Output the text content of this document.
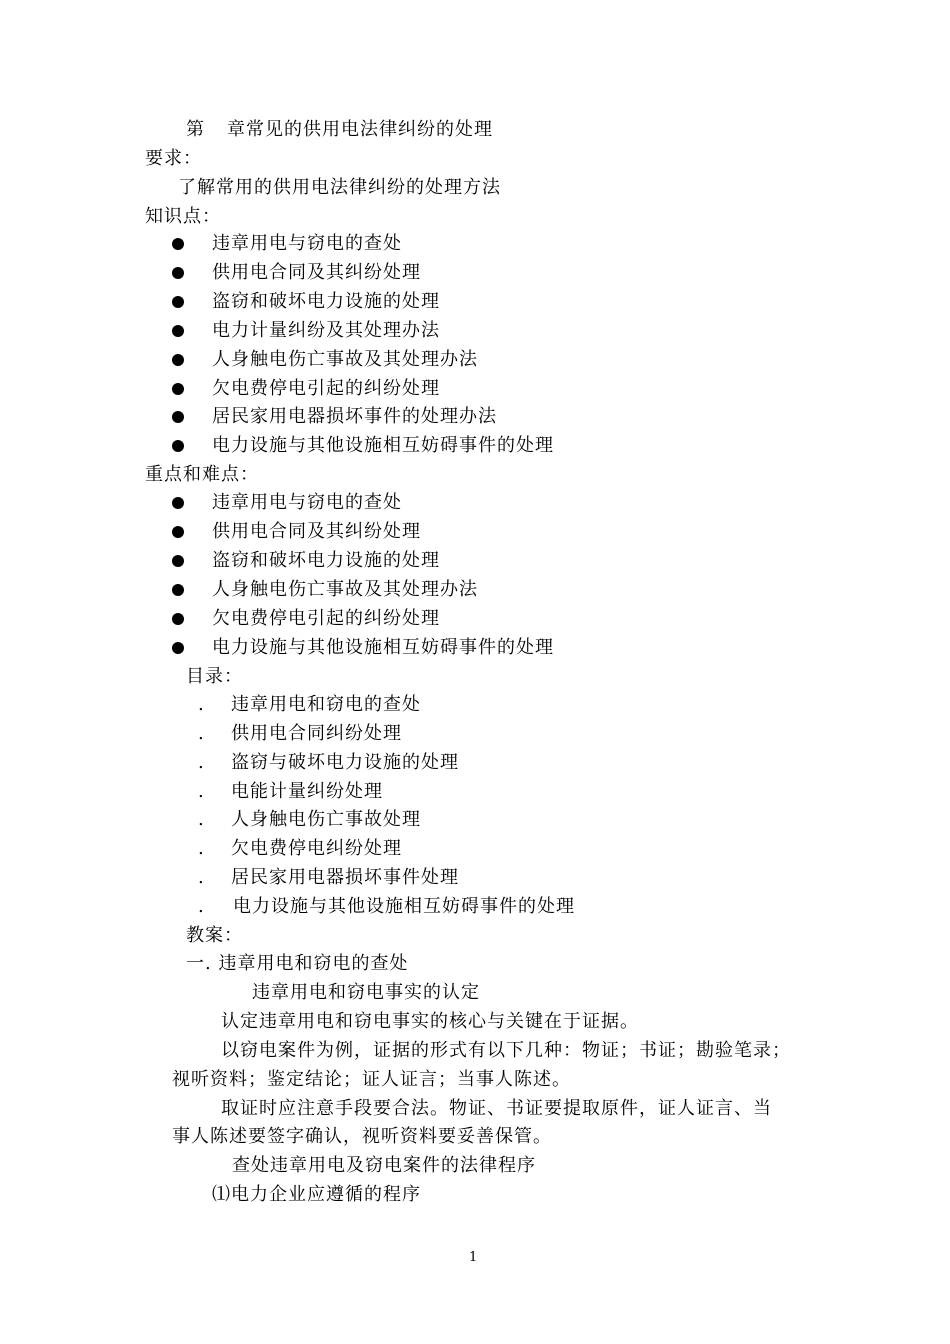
第 章常见的供用电法律纠纷的处理
要求：
了解常用的供用电法律纠纷的处理方法
知识点：
违章用电与窃电的查处
供用电合同及其纠纷处理
盗窃和破坏电力设施的处理
电力计量纠纷及其处理办法
人身触电伤亡事故及其处理办法
欠电费停电引起的纠纷处理
居民家用电器损坏事件的处理办法
电力设施与其他设施相互妨碍事件的处理
重点和难点：
违章用电与窃电的查处
供用电合同及其纠纷处理
盗窃和破坏电力设施的处理
人身触电伤亡事故及其处理办法
欠电费停电引起的纠纷处理
电力设施与其他设施相互妨碍事件的处理
目录：
. 违章用电和窃电的查处
. 供用电合同纠纷处理
. 盗窃与破坏电力设施的处理
. 电能计量纠纷处理
. 人身触电伤亡事故处理
. 欠电费停电纠纷处理
. 居民家用电器损坏事件处理
. 电力设施与其他设施相互妨碍事件的处理
教案：
一. 违章用电和窃电的查处
违章用电和窃电事实的认定
认定违章用电和窃电事实的核心与关键在于证据。
以窃电案件为例，证据的形式有以下几种：物证；书证；勘验笔录；
视听资料；鉴定结论；证人证言；当事人陈述。
取证时应注意手段要合法。物证、书证要提取原件，证人证言、当
事人陈述要签字确认，视听资料要妥善保管。
查处违章用电及窃电案件的法律程序
⑴电力企业应遵循的程序
1
